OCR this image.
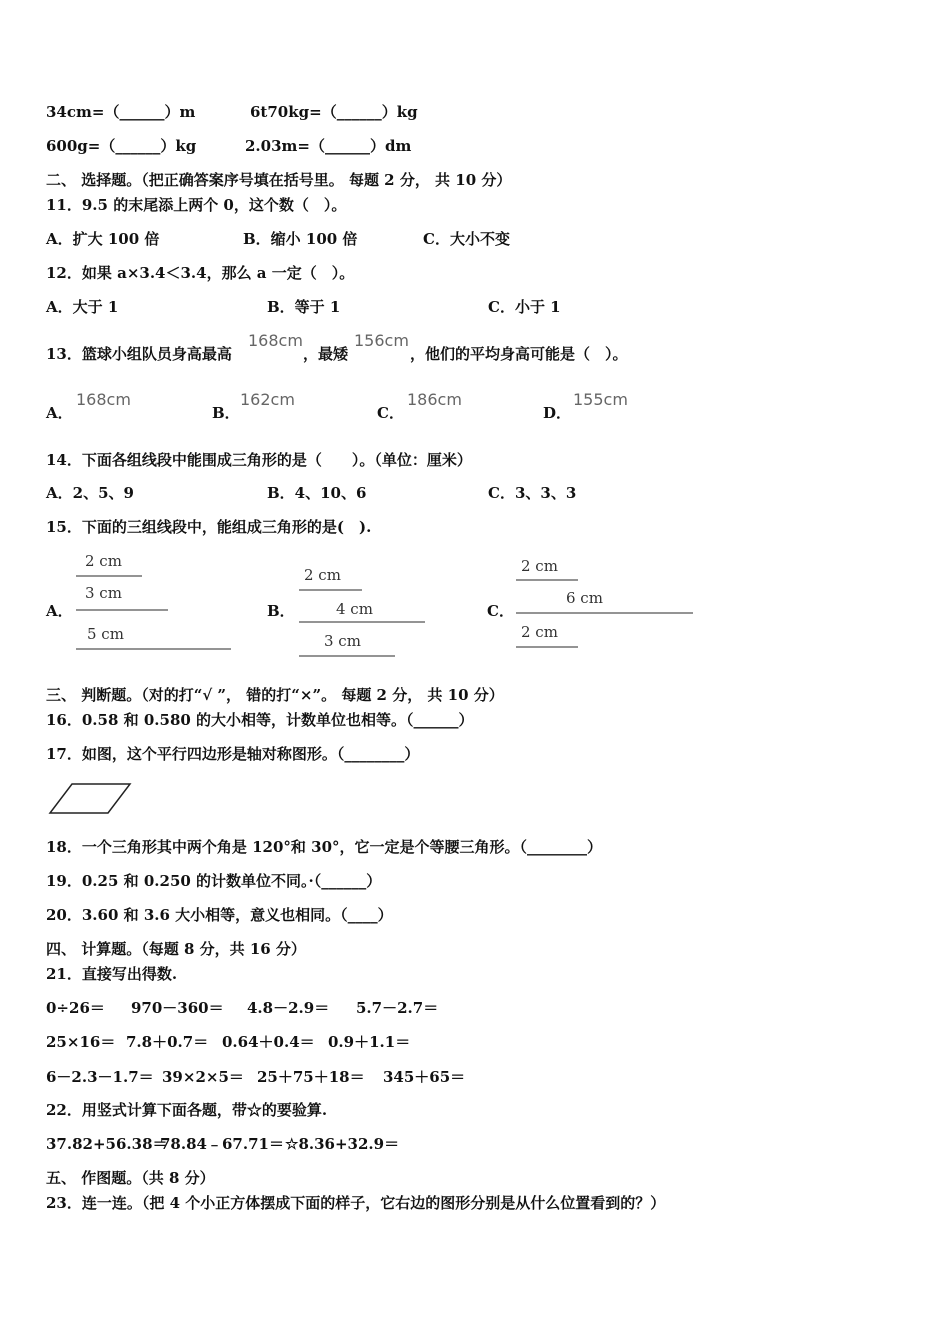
34cm=（______）m	6t70kg=（______）kg
600g=（______）kg	2.03m=（______）dm
二、 选择题。（把正确答案序号填在括号里。 每题 2 分， 共 10 分）
11．9.5 的末尾添上两个 0，这个数（　）。
A．扩大 100 倍	B．缩小 100 倍	C．大小不变
12．如果 a×3.4＜3.4，那么 a 一定（　）。
A．大于 1	B．等于 1	C．小于 1
13．篮球小组队员身高最高
168cm
，最矮
156cm
，他们的平均身高可能是（　）。
A．
168cm
B．
162cm
C．
186cm
D．
155cm
14．下面各组线段中能围成三角形的是（　　）。（单位：厘米）
A．2、5、9	B．4、10、6	C．3、3、3
15．下面的三组线段中，能组成三角形的是(　).
A．	B．	C．
2 cm
3 cm
5 cm
2 cm
4 cm
3 cm
2 cm
6 cm
2 cm
三、 判断题。（对的打“√ ”， 错的打“×”。 每题 2 分， 共 10 分）
16．0.58 和 0.580 的大小相等，计数单位也相等。（______）
17．如图，这个平行四边形是轴对称图形。（________）
18．一个三角形其中两个角是 120°和 30°，它一定是个等腰三角形。（________）
19．0.25 和 0.250 的计数单位不同。·（______）
20．3.60 和 3.6 大小相等，意义也相同。（____）
四、 计算题。（每题 8 分，共 16 分）
21．直接写出得数.
0÷26＝ 970－360＝ 4.8－2.9＝ 5.7－2.7＝
25×16＝ 7.8＋0.7＝ 0.64＋0.4＝ 0.9＋1.1＝
6－2.3－1.7＝ 39×2×5＝ 25＋75＋18＝ 345＋65＝
22．用竖式计算下面各题，带☆的要验算.
37.82+56.38＝
78.84﹣67.71＝ ☆8.36+32.9＝
五、 作图题。（共 8 分）
23．连一连。（把 4 个小正方体摆成下面的样子，它右边的图形分别是从什么位置看到的？）
